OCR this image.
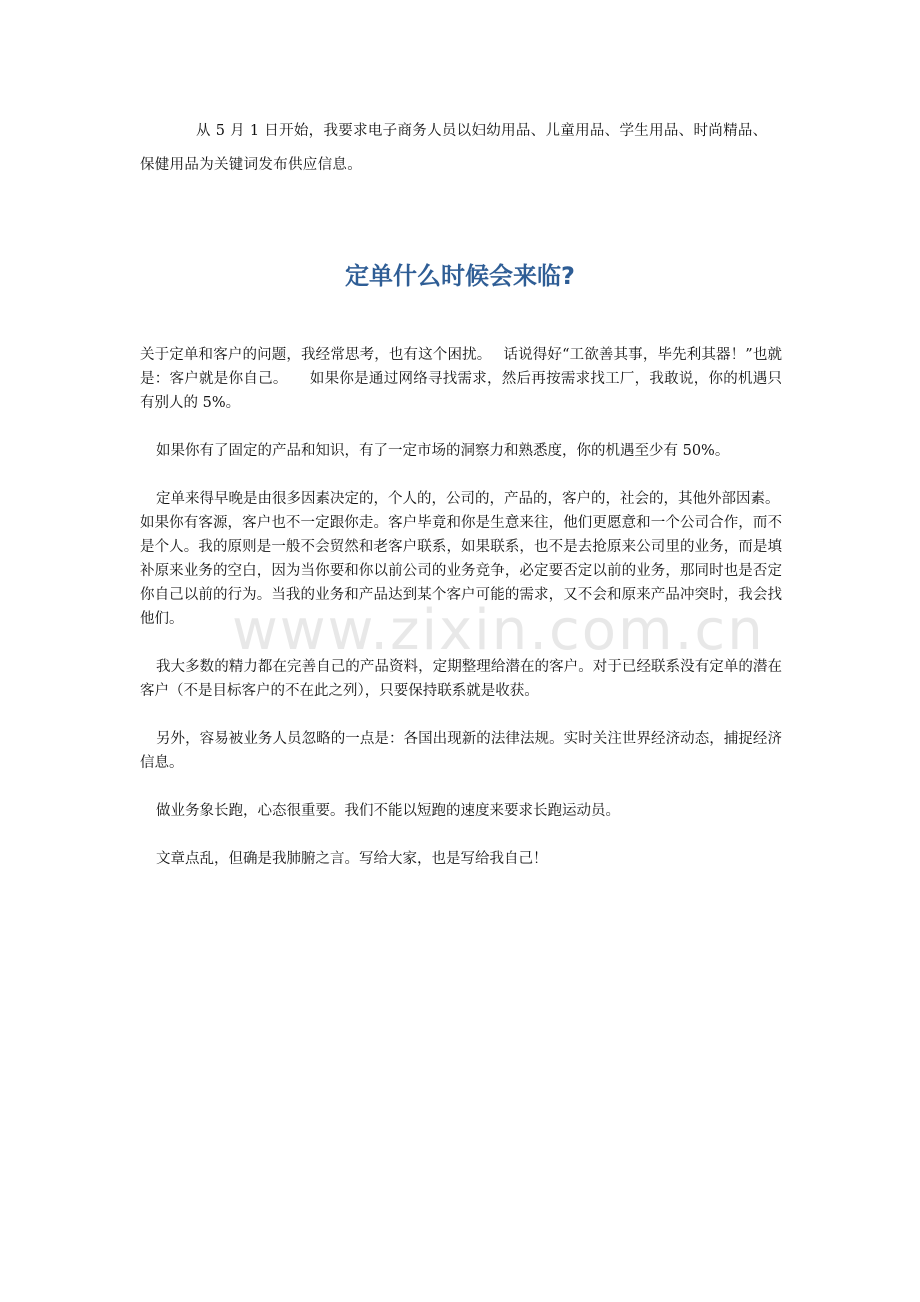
从 5 月 1 日开始，我要求电子商务人员以妇幼用品、儿童用品、学生用品、时尚精品、保健用品为关键词发布供应信息。

定单什么时候会来临?

关于定单和客户的问题，我经常思考，也有这个困扰。　 话说得好“工欲善其事，毕先利其器！”也就是：客户就是你自己。　　如果你是通过网络寻找需求，然后再按需求找工厂，我敢说，你的机遇只有别人的 5%。

如果你有了固定的产品和知识，有了一定市场的洞察力和熟悉度，你的机遇至少有 50%。

定单来得早晚是由很多因素决定的，个人的，公司的，产品的，客户的，社会的，其他外部因素。

如果你有客源，客户也不一定跟你走。客户毕竟和你是生意来往，他们更愿意和一个公司合作，而不是个人。我的原则是一般不会贸然和老客户联系，如果联系，也不是去抢原来公司里的业务，而是填补原来业务的空白，因为当你要和你以前公司的业务竞争，必定要否定以前的业务，那同时也是否定你自己以前的行为。当我的业务和产品达到某个客户可能的需求，又不会和原来产品冲突时，我会找他们。

我大多数的精力都在完善自己的产品资料，定期整理给潜在的客户。对于已经联系没有定单的潜在客户（不是目标客户的不在此之列），只要保持联系就是收获。

另外，容易被业务人员忽略的一点是：各国出现新的法律法规。实时关注世界经济动态，捕捉经济信息。

做业务象长跑，心态很重要。我们不能以短跑的速度来要求长跑运动员。

文章点乱，但确是我肺腑之言。写给大家，也是写给我自己！

www.zixin.com.cn
